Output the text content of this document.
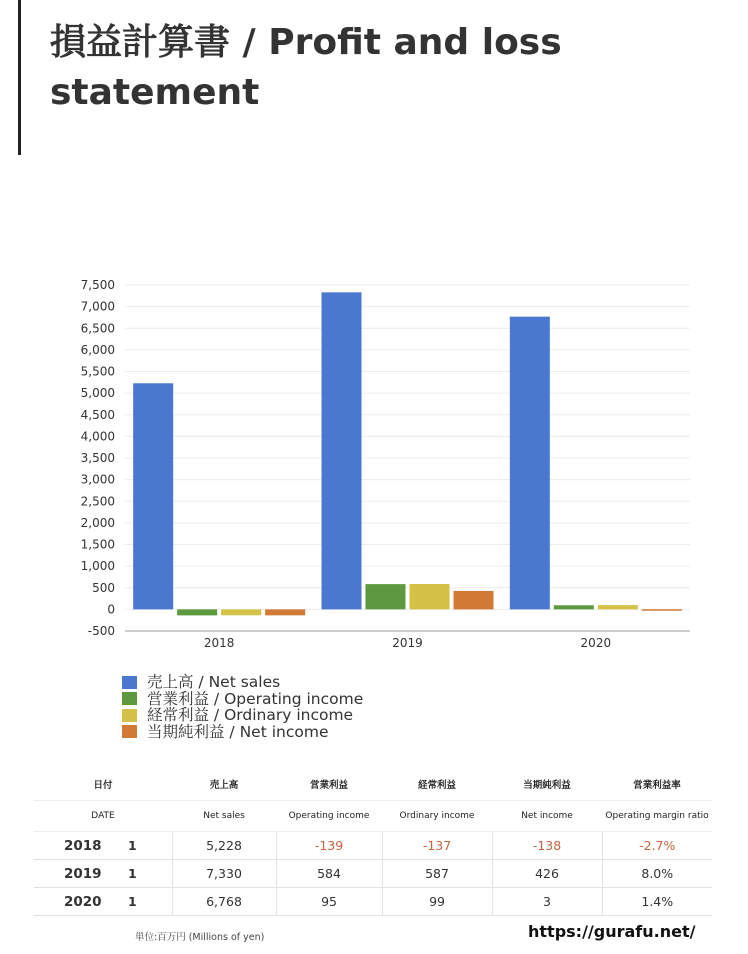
損益計算書 / Profit and loss statement
7,500
7,000
6,500
6,000
5,500
5,000
4,500
4,000
3,500
3,000
2,500
2,000
1,500
1,000
500
0
-500
2018	2019	2020
売上高 / Net sales
営業利益 / Operating income
経常利益 / Ordinary income
当期純利益 / Net income
日付		売上高	営業利益	経常利益	当期純利益	営業利益率
DATE		Net sales	Operating income	Ordinary income	Net income	Operating margin ratio
2018	1	5,228	-139	-137	-138	-2.7%
2019	1	7,330	584	587	426	8.0%
2020	1	6,768	95	99	3	1.4%
単位:百万円 (Millions of yen)	https://gurafu.net/
